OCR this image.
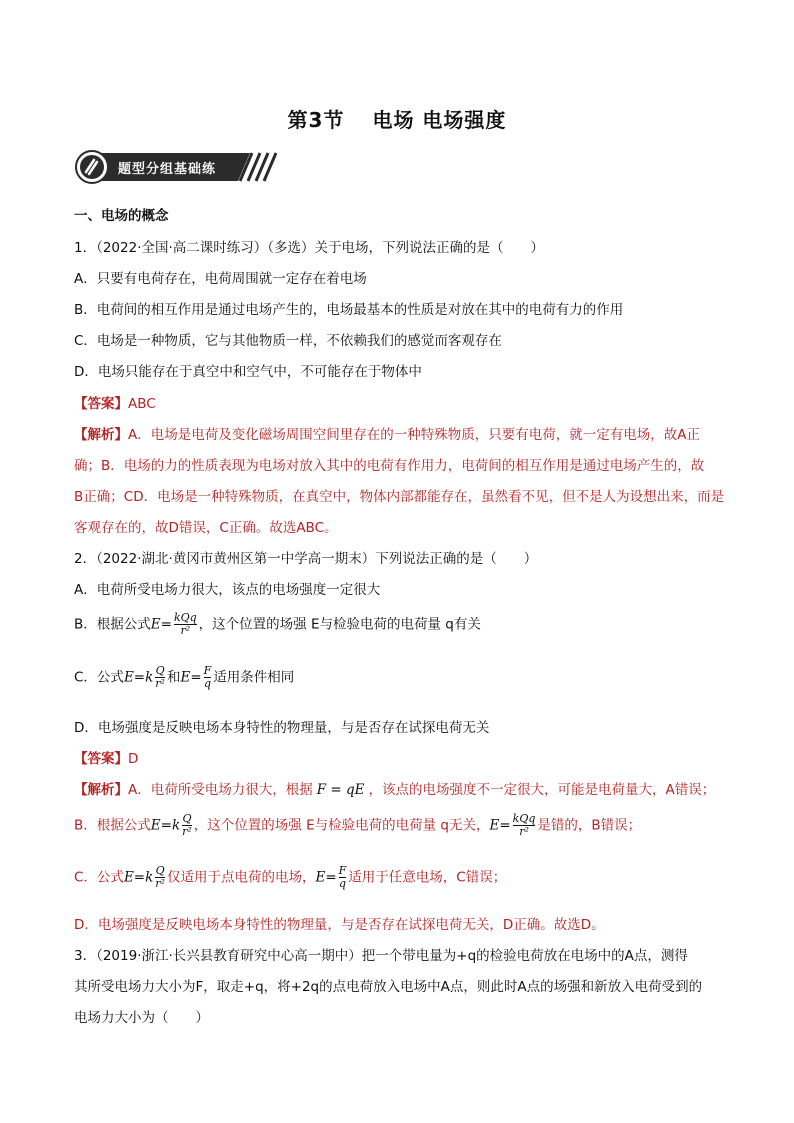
第3节 电场 电场强度
题型分组基础练
一、电场的概念
1．（2022·全国·高二课时练习）（多选）关于电场，下列说法正确的是（　　）
A．只要有电荷存在，电荷周围就一定存在着电场
B．电荷间的相互作用是通过电场产生的，电场最基本的性质是对放在其中的电荷有力的作用
C．电场是一种物质，它与其他物质一样，不依赖我们的感觉而客观存在
D．电场只能存在于真空中和空气中，不可能存在于物体中
【答案】ABC
【解析】A．电场是电荷及变化磁场周围空间里存在的一种特殊物质，只要有电荷，就一定有电场，故A正
确；B．电场的力的性质表现为电场对放入其中的电荷有作用力，电荷间的相互作用是通过电场产生的，故
B正确；CD．电场是一种特殊物质，在真空中，物体内部都能存在，虽然看不见，但不是人为设想出来，而是
客观存在的，故D错误，C正确。故选ABC。
2．（2022·湖北·黄冈市黄州区第一中学高一期末）下列说法正确的是（　　）
A．电荷所受电场力很大，该点的电场强度一定很大
B．根据公式E= kQq
r² ，这个位置的场强 E与检验电荷的电荷量 q有关
C．公式$E=k \frac{Q}{\text{r²}}$ 和$E= \frac{F}{q}$ 适用条件相同
D．电场强度是反映电场本身特性的物理量，与是否存在试探电荷无关
【答案】D
【解析】A．电荷所受电场力很大，根据 F = qE ，该点的电场强度不一定很大，可能是电荷量大，A错误；
B．根据公式$E=k \frac{Q}{\text{r²}}$ ，这个位置的场强 E与检验电荷的电荷量 q无关，E= kQq
r² 是错的，B错误；
C．公式$E=k \frac{Q}{\text{r²}}$ 仅适用于点电荷的电场，$E= \frac{F}{q}$ 适用于任意电场，C错误；
D．电场强度是反映电场本身特性的物理量，与是否存在试探电荷无关，D正确。故选D。
3．（2019·浙江·长兴县教育研究中心高一期中）把一个带电量为+q的检验电荷放在电场中的A点，测得
其所受电场力大小为F，取走+q，将+2q的点电荷放入电场中A点，则此时A点的场强和新放入电荷受到的
电场力大小为（　　）
